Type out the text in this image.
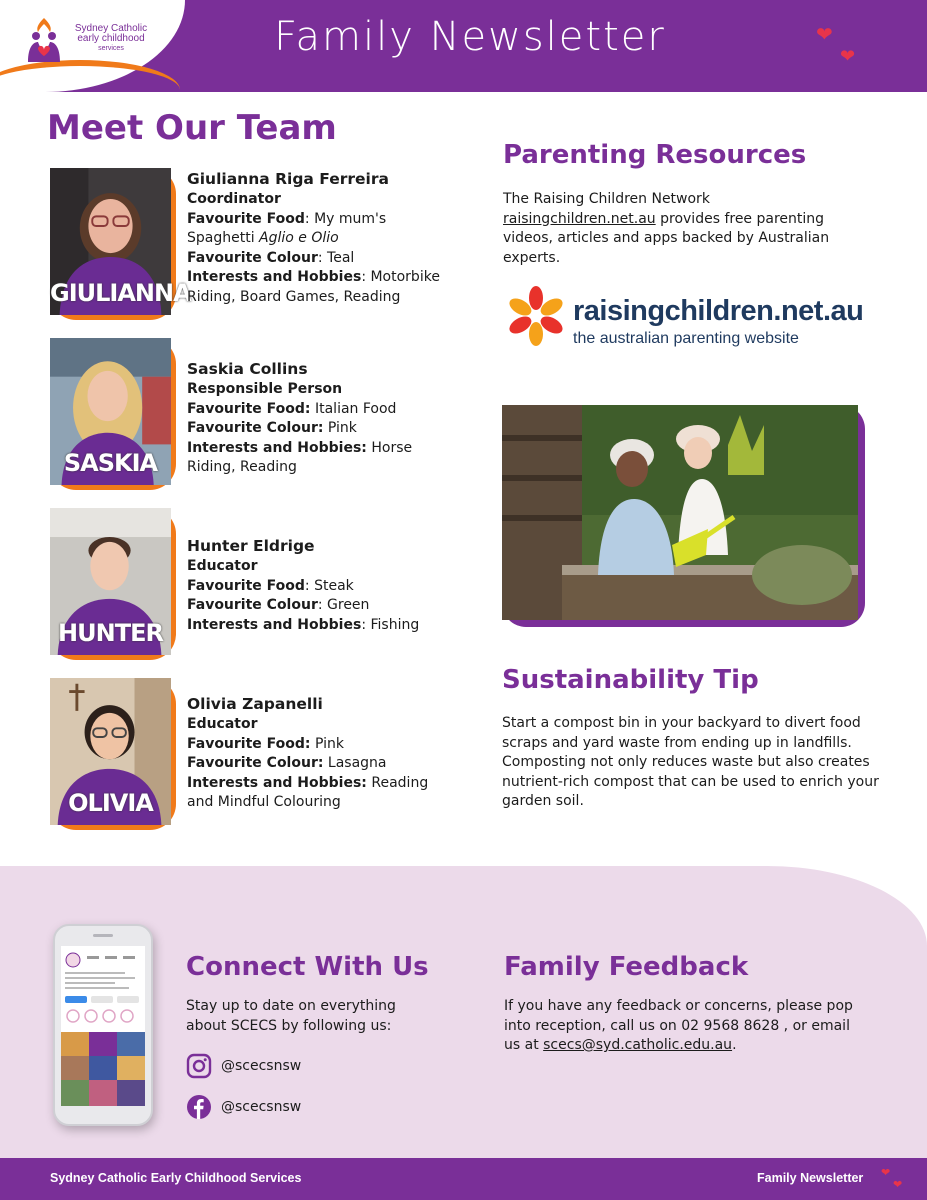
Sydney Catholic
early childhood
services	Family Newsletter	❤
❤
Meet Our Team
GIULIANNA
Giulianna Riga Ferreira
Coordinator
Favourite Food: My mum's Spaghetti Aglio e Olio
Favourite Colour: Teal
Interests and Hobbies: Motorbike Riding, Board Games, Reading
SASKIA
Saskia Collins
Responsible Person
Favourite Food: Italian Food
Favourite Colour: Pink
Interests and Hobbies: Horse Riding, Reading
HUNTER
Hunter Eldrige
Educator
Favourite Food: Steak
Favourite Colour: Green
Interests and Hobbies: Fishing
OLIVIA
Olivia Zapanelli
Educator
Favourite Food: Pink
Favourite Colour: Lasagna
Interests and Hobbies: Reading and Mindful Colouring
Parenting Resources
The Raising Children Network raisingchildren.net.au provides free parenting videos, articles and apps backed by Australian experts.
raisingchildren.net.au
the australian parenting website
Sustainability Tip
Start a compost bin in your backyard to divert food scraps and yard waste from ending up in landfills. Composting not only reduces waste but also creates nutrient-rich compost that can be used to enrich your garden soil.
Connect With Us
Stay up to date on everything about SCECS by following us:
@scecsnsw
@scecsnsw
Family Feedback
If you have any feedback or concerns, please pop into reception, call us on 02 9568 8628 , or email us at scecs@syd.catholic.edu.au.
Sydney Catholic Early Childhood Services	Family Newsletter ❤
❤
